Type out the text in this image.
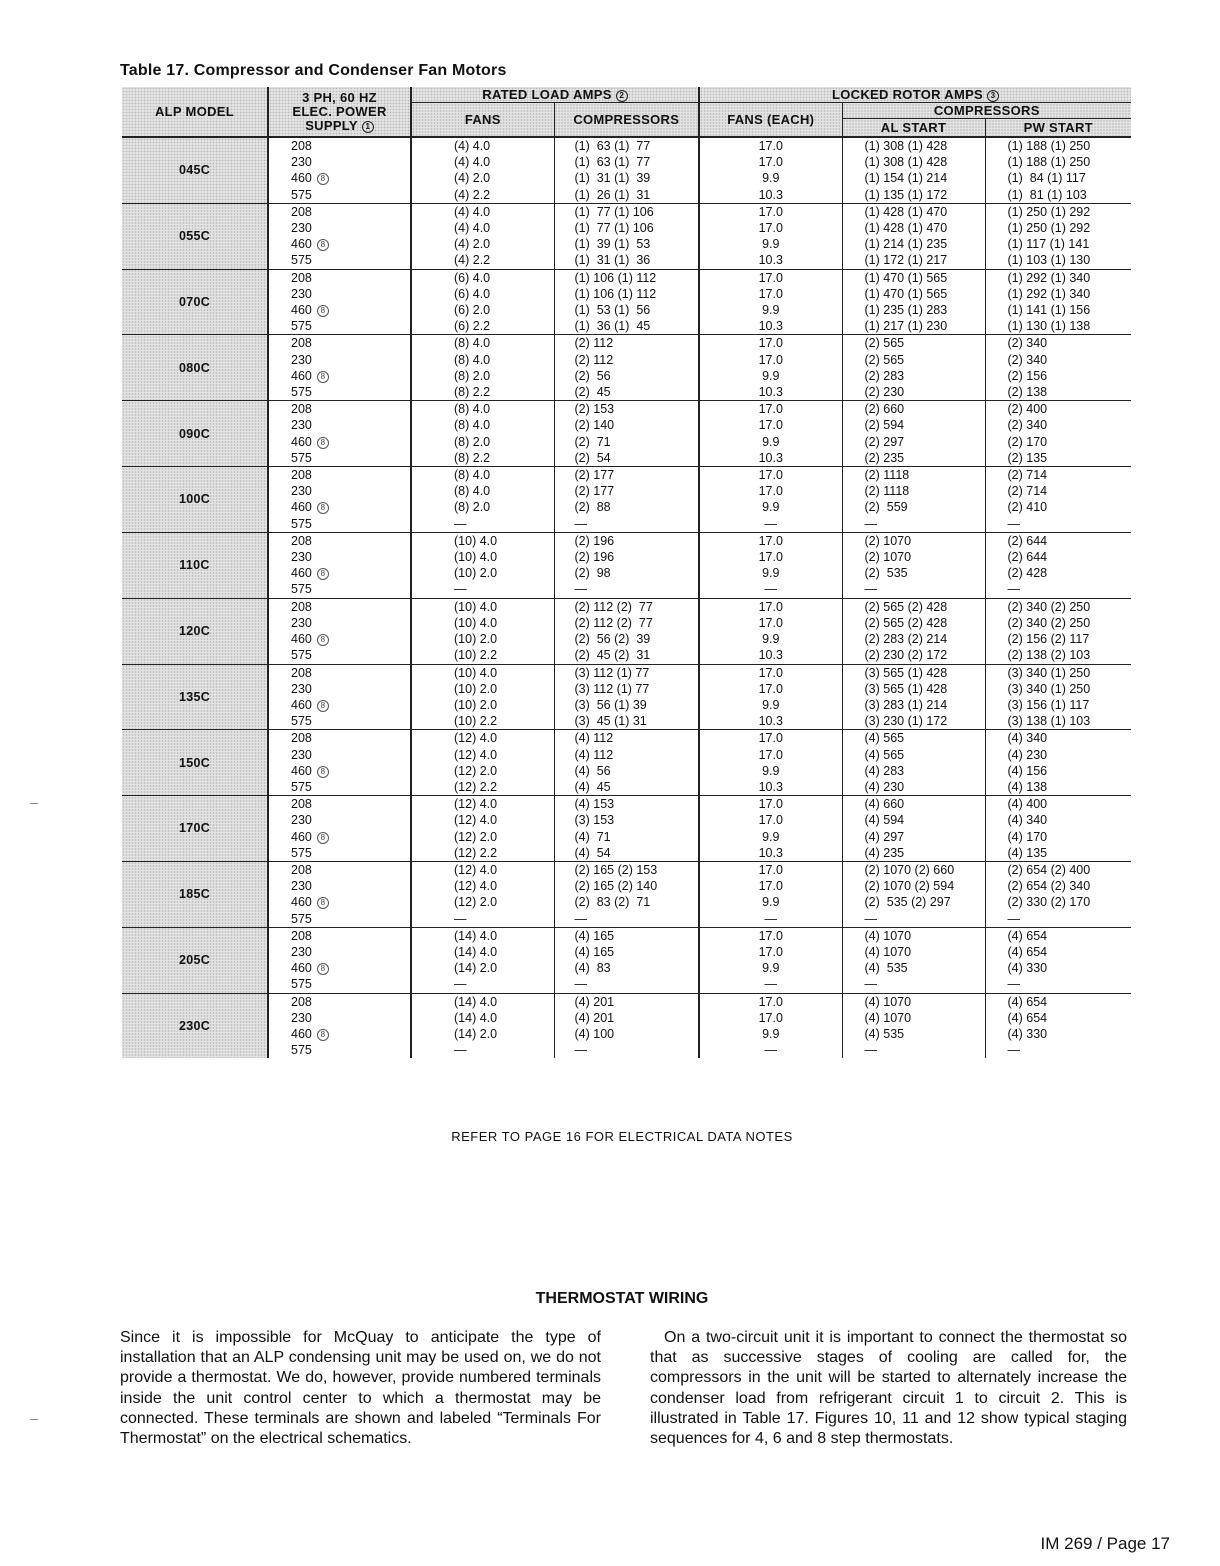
Table 17. Compressor and Condenser Fan Motors
ALP MODEL	3 PH, 60 HZ
ELEC. POWER
SUPPLY 1	RATED LOAD AMPS 2		LOCKED ROTOR AMPS 3		
		FANS	COMPRESSORS	FANS (EACH)	COMPRESSORS	
					AL START	PW START
045C	208	(4) 4.0	(1)  63 (1)  77	17.0	(1) 308 (1) 428	(1) 188 (1) 250
	230	(4) 4.0	(1)  63 (1)  77	17.0	(1) 308 (1) 428	(1) 188 (1) 250
	460 8	(4) 2.0	(1)  31 (1)  39	9.9	(1) 154 (1) 214	(1)  84 (1) 117
	575	(4) 2.2	(1)  26 (1)  31	10.3	(1) 135 (1) 172	(1)  81 (1) 103
055C	208	(4) 4.0	(1)  77 (1) 106	17.0	(1) 428 (1) 470	(1) 250 (1) 292
	230	(4) 4.0	(1)  77 (1) 106	17.0	(1) 428 (1) 470	(1) 250 (1) 292
	460 8	(4) 2.0	(1)  39 (1)  53	9.9	(1) 214 (1) 235	(1) 117 (1) 141
	575	(4) 2.2	(1)  31 (1)  36	10.3	(1) 172 (1) 217	(1) 103 (1) 130
070C	208	(6) 4.0	(1) 106 (1) 112	17.0	(1) 470 (1) 565	(1) 292 (1) 340
	230	(6) 4.0	(1) 106 (1) 112	17.0	(1) 470 (1) 565	(1) 292 (1) 340
	460 8	(6) 2.0	(1)  53 (1)  56	9.9	(1) 235 (1) 283	(1) 141 (1) 156
	575	(6) 2.2	(1)  36 (1)  45	10.3	(1) 217 (1) 230	(1) 130 (1) 138
080C	208	(8) 4.0	(2) 112	17.0	(2) 565	(2) 340
	230	(8) 4.0	(2) 112	17.0	(2) 565	(2) 340
	460 8	(8) 2.0	(2)  56	9.9	(2) 283	(2) 156
	575	(8) 2.2	(2)  45	10.3	(2) 230	(2) 138
090C	208	(8) 4.0	(2) 153	17.0	(2) 660	(2) 400
	230	(8) 4.0	(2) 140	17.0	(2) 594	(2) 340
	460 8	(8) 2.0	(2)  71	9.9	(2) 297	(2) 170
	575	(8) 2.2	(2)  54	10.3	(2) 235	(2) 135
100C	208	(8) 4.0	(2) 177	17.0	(2) 1118	(2) 714
	230	(8) 4.0	(2) 177	17.0	(2) 1118	(2) 714
	460 8	(8) 2.0	(2)  88	9.9	(2)  559	(2) 410
	575	—	—	—	—	—
110C	208	(10) 4.0	(2) 196	17.0	(2) 1070	(2) 644
	230	(10) 4.0	(2) 196	17.0	(2) 1070	(2) 644
	460 8	(10) 2.0	(2)  98	9.9	(2)  535	(2) 428
	575	—	—	—	—	—
120C	208	(10) 4.0	(2) 112 (2)  77	17.0	(2) 565 (2) 428	(2) 340 (2) 250
	230	(10) 4.0	(2) 112 (2)  77	17.0	(2) 565 (2) 428	(2) 340 (2) 250
	460 8	(10) 2.0	(2)  56 (2)  39	9.9	(2) 283 (2) 214	(2) 156 (2) 117
	575	(10) 2.2	(2)  45 (2)  31	10.3	(2) 230 (2) 172	(2) 138 (2) 103
135C	208	(10) 4.0	(3) 112 (1) 77	17.0	(3) 565 (1) 428	(3) 340 (1) 250
	230	(10) 2.0	(3) 112 (1) 77	17.0	(3) 565 (1) 428	(3) 340 (1) 250
	460 8	(10) 2.0	(3)  56 (1) 39	9.9	(3) 283 (1) 214	(3) 156 (1) 117
	575	(10) 2.2	(3)  45 (1) 31	10.3	(3) 230 (1) 172	(3) 138 (1) 103
150C	208	(12) 4.0	(4) 112	17.0	(4) 565	(4) 340
	230	(12) 4.0	(4) 112	17.0	(4) 565	(4) 230
	460 8	(12) 2.0	(4)  56	9.9	(4) 283	(4) 156
	575	(12) 2.2	(4)  45	10.3	(4) 230	(4) 138
170C	208	(12) 4.0	(4) 153	17.0	(4) 660	(4) 400
	230	(12) 4.0	(3) 153	17.0	(4) 594	(4) 340
	460 8	(12) 2.0	(4)  71	9.9	(4) 297	(4) 170
	575	(12) 2.2	(4)  54	10.3	(4) 235	(4) 135
185C	208	(12) 4.0	(2) 165 (2) 153	17.0	(2) 1070 (2) 660	(2) 654 (2) 400
	230	(12) 4.0	(2) 165 (2) 140	17.0	(2) 1070 (2) 594	(2) 654 (2) 340
	460 8	(12) 2.0	(2)  83 (2)  71	9.9	(2)  535 (2) 297	(2) 330 (2) 170
	575	—	—	—	—	—
205C	208	(14) 4.0	(4) 165	17.0	(4) 1070	(4) 654
	230	(14) 4.0	(4) 165	17.0	(4) 1070	(4) 654
	460 8	(14) 2.0	(4)  83	9.9	(4)  535	(4) 330
	575	—	—	—	—	—
230C	208	(14) 4.0	(4) 201	17.0	(4) 1070	(4) 654
	230	(14) 4.0	(4) 201	17.0	(4) 1070	(4) 654
	460 8	(14) 2.0	(4) 100	9.9	(4) 535	(4) 330
	575	—	—	—	—	—
REFER TO PAGE 16 FOR ELECTRICAL DATA NOTES
THERMOSTAT WIRING
Since it is impossible for McQuay to anticipate the type of installation that an ALP condensing unit may be used on, we do not provide a thermostat. We do, however, provide numbered terminals inside the unit control center to which a thermostat may be connected. These terminals are shown and labeled “Terminals For Thermostat” on the electrical schematics.
On a two-circuit unit it is important to connect the thermostat so that as successive stages of cooling are called for, the compressors in the unit will be started to alternately increase the condenser load from refrigerant circuit 1 to circuit 2. This is illustrated in Table 17. Figures 10, 11 and 12 show typical staging sequences for 4, 6 and 8 step thermostats.
IM 269 / Page 17
